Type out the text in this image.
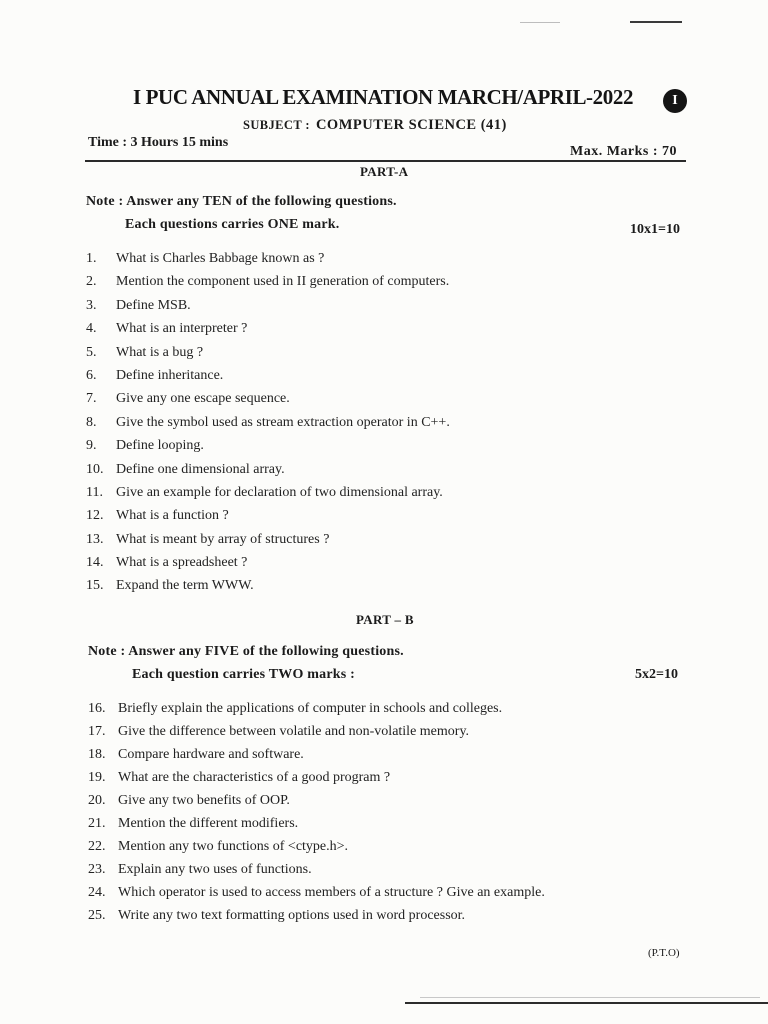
I PUC ANNUAL EXAMINATION MARCH/APRIL-2022	I
SUBJECT : COMPUTER SCIENCE (41)
Time : 3 Hours 15 mins
Max. Marks : 70
PART-A
Note : Answer any TEN of the following questions.
Each questions carries ONE mark.	10x1=10
1.	What is Charles Babbage known as ?
2.	Mention the component used in II generation of computers.
3.	Define MSB.
4.	What is an interpreter ?
5.	What is a bug ?
6.	Define inheritance.
7.	Give any one escape sequence.
8.	Give the symbol used as stream extraction operator in C++.
9.	Define looping.
10. Define one dimensional array.
11. Give an example for declaration of two dimensional array.
12. What is a function ?
13. What is meant by array of structures ?
14. What is a spreadsheet ?
15. Expand the term WWW.
PART – B
Note : Answer any FIVE of the following questions.
Each question carries TWO marks :	5x2=10
16. Briefly explain the applications of computer in schools and colleges.
17. Give the difference between volatile and non-volatile memory.
18. Compare hardware and software.
19. What are the characteristics of a good program ?
20. Give any two benefits of OOP.
21. Mention the different modifiers.
22. Mention any two functions of <ctype.h>.
23. Explain any two uses of functions.
24. Which operator is used to access members of a structure ? Give an example.
25. Write any two text formatting options used in word processor.
(P.T.O)
